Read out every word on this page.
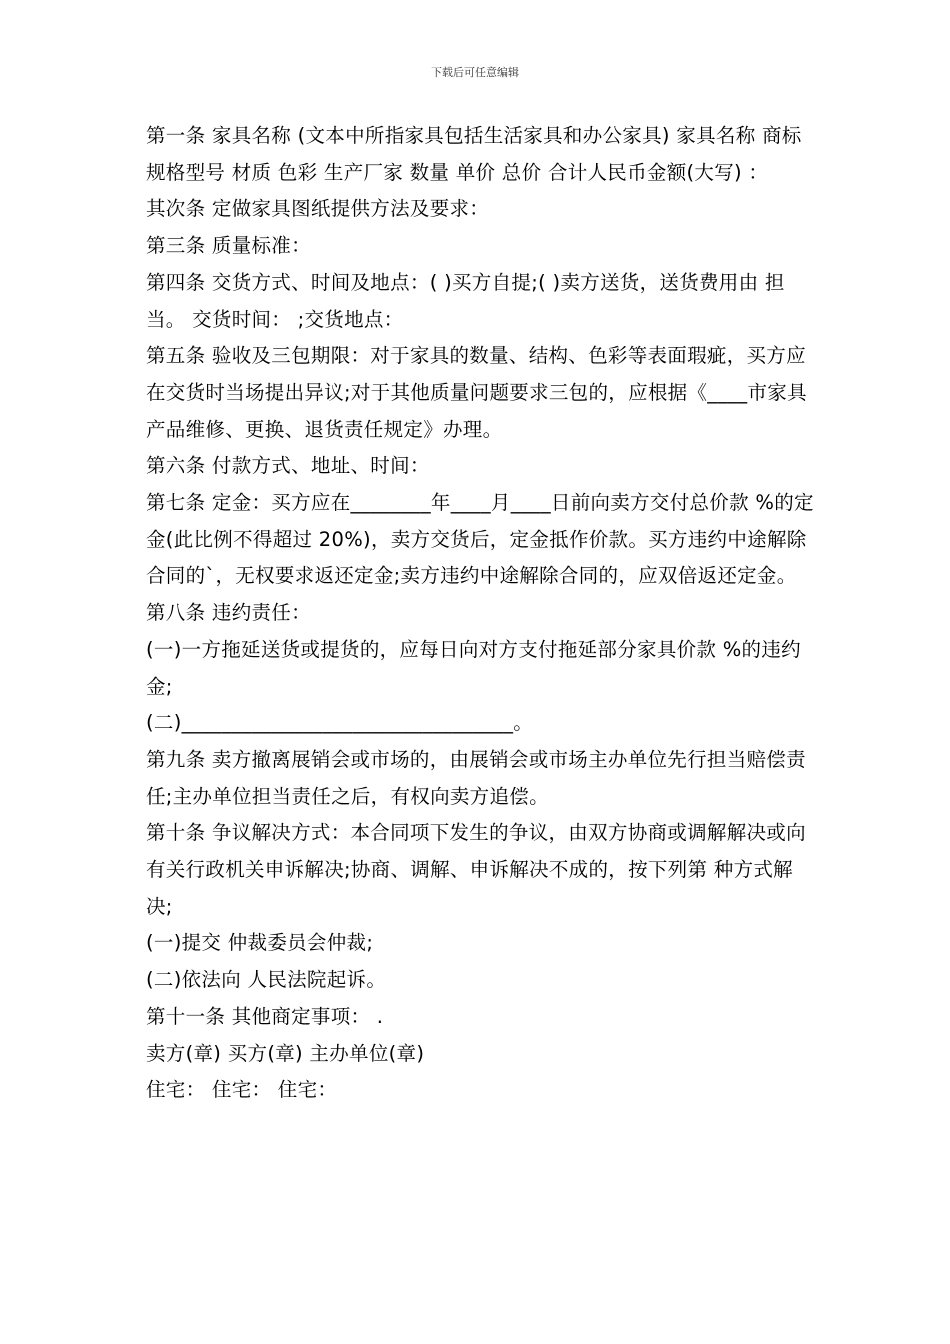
下载后可任意编辑

第一条 家具名称 (文本中所指家具包括生活家具和办公家具) 家具名称 商标 规格型号 材质 色彩 生产厂家 数量 单价 总价 合计人民币金额(大写) ：

其次条 定做家具图纸提供方法及要求：

第三条 质量标准：

第四条 交货方式、时间及地点：( )买方自提;( )卖方送货，送货费用由 担当。 交货时间： ;交货地点：

第五条 验收及三包期限：对于家具的数量、结构、色彩等表面瑕疵，买方应在交货时当场提出异议;对于其他质量问题要求三包的，应根据《____市家具产品维修、更换、退货责任规定》办理。

第六条 付款方式、地址、时间：

第七条 定金：买方应在________年____月____日前向卖方交付总价款 %的定金(此比例不得超过 20%)，卖方交货后，定金抵作价款。买方违约中途解除合同的`，无权要求返还定金;卖方违约中途解除合同的，应双倍返还定金。

第八条 违约责任：

(一)一方拖延送货或提货的，应每日向对方支付拖延部分家具价款 %的违约金;

(二)_________________________________。

第九条 卖方撤离展销会或市场的，由展销会或市场主办单位先行担当赔偿责任;主办单位担当责任之后，有权向卖方追偿。

第十条 争议解决方式：本合同项下发生的争议，由双方协商或调解解决或向有关行政机关申诉解决;协商、调解、申诉解决不成的，按下列第 种方式解决;

(一)提交 仲裁委员会仲裁;

(二)依法向 人民法院起诉。

第十一条 其他商定事项： .

卖方(章) 买方(章) 主办单位(章)

住宅： 住宅： 住宅：
